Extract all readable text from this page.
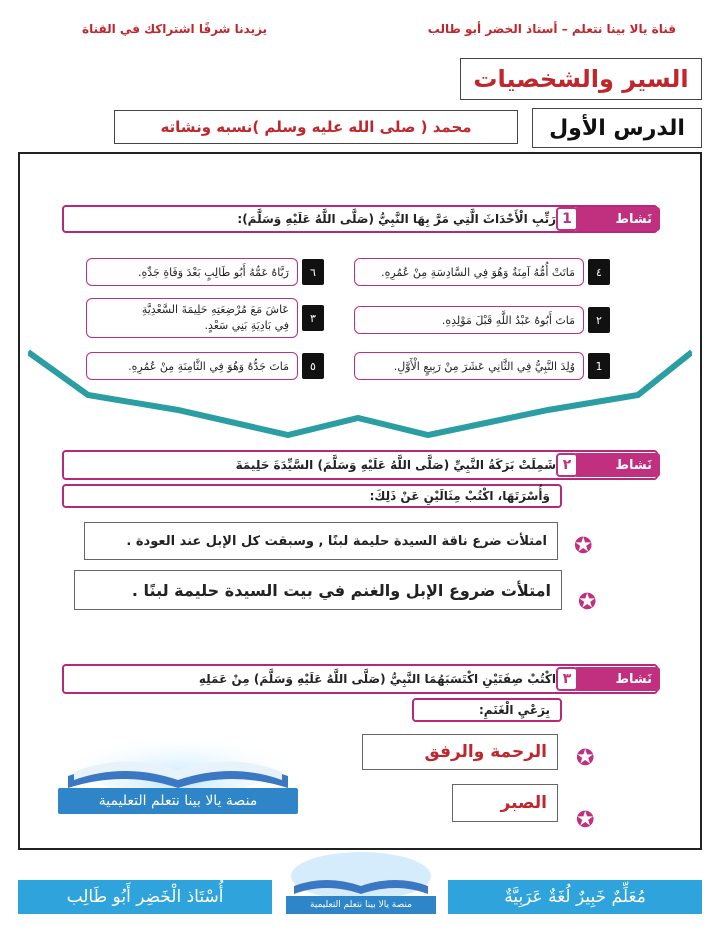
قناة يالا بينا نتعلم – أستاذ الخضر أبو طالب
يزيدنا شرفًا اشتراكك في القناة
السير والشخصيات
الدرس الأول
محمد ( صلى الله عليه وسلم )نسبه ونشاته
رَتِّبِ الْأَحْدَاثَ الَّتِي مَرَّ بِهَا النَّبِيُّ (صَلَّى اللَّهُ عَلَيْهِ وَسَلَّمَ):	نَشاط
1
٤
مَاتَتْ أُمُّهُ آمِنَةُ وَهُوَ فِي السَّادِسَةِ مِنْ عُمُرِهِ.
٢
مَاتَ أَبُوهُ عَبْدُ اللَّهِ قَبْلَ مَوْلِدِهِ.
1
وُلِدَ النَّبِيُّ فِي الثَّانِي عَشَرَ مِنْ رَبِيعٍ الْأَوَّلِ.
٦
رَبَّاهُ عَمُّهُ أَبُو طَالِبٍ بَعْدَ وَفَاةِ جَدِّهِ.
٣
عَاشَ مَعَ مُرْضِعَتِهِ حَلِيمَةَ السَّعْدِيَّةِ
فِي بَادِيَةِ بَنِي سَعْدٍ.
٥
مَاتَ جَدُّهُ وَهُوَ فِي الثَّامِنَةِ مِنْ عُمُرِهِ.
شَمِلَتْ بَرَكَةُ النَّبِيِّ (صَلَّى اللَّهُ عَلَيْهِ وَسَلَّمَ) السَّيِّدَةَ حَلِيمَةَ	نَشاط
٢
وَأُسْرَتَهَا، اكْتُبْ مِثَالَيْنِ عَنْ ذَلِكَ:
امتلأت ضرع ناقة السيدة حليمة لبنًا , وسبقت كل الإبل عند العودة .	✪
امتلأت ضروع الإبل والغنم في بيت السيدة حليمة لبنًا .	✪
اكْتُبْ صِفَتَيْنِ اكْتَسَبَهُمَا النَّبِيُّ (صَلَّى اللَّهُ عَلَيْهِ وَسَلَّمَ) مِنْ عَمَلِهِ	نَشاط
٣
بِرَعْيِ الْغَنَمِ:
منصة يالا بينا نتعلم التعليمية
الرحمة والرفق	✪
الصبر
✪
مُعَلِّمٌ خَبِيرٌ لُغَةٌ عَرَبِيَّةٌ
أُسْتَاذ الْخَضِر أَبُو طَالِب	منصة يالا بينا نتعلم التعليمية
